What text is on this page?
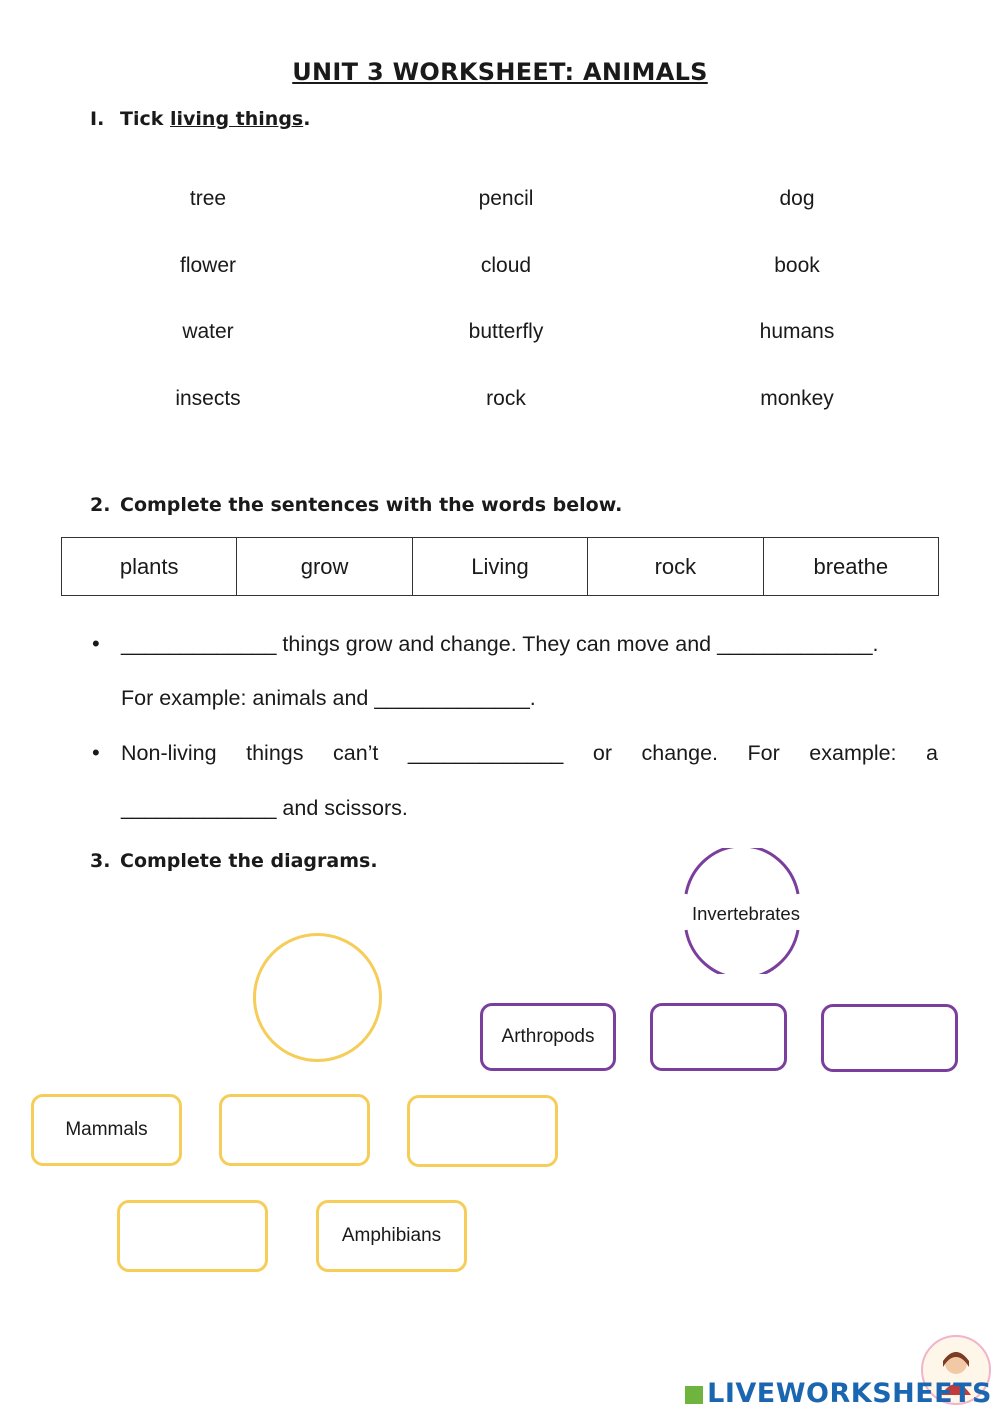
UNIT 3 WORKSHEET: ANIMALS
I. Tick living things.
tree	pencil	dog
flower	cloud	book
water	butterfly	humans
insects	rock	monkey
2. Complete the sentences with the words below.
plants	grow	Living	rock	breathe
• _____________ things grow and change. They can move and _____________.
For example: animals and _____________.
• Non-living things can’t _____________ or change. For example: a
_____________ and scissors.
3. Complete the diagrams.
Invertebrates
Arthropods
Mammals
Amphibians
LIVEWORKSHEETS
